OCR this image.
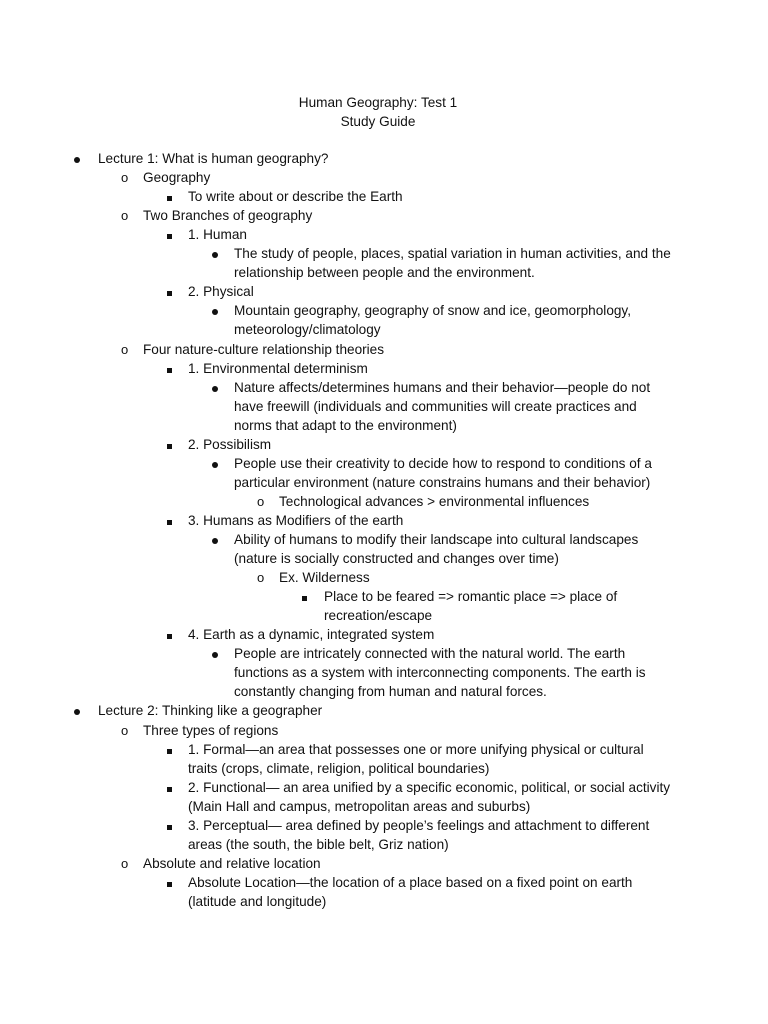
Human Geography: Test 1
Study Guide
Lecture 1: What is human geography?
o Geography
To write about or describe the Earth
o Two Branches of geography
1. Human
The study of people, places, spatial variation in human activities, and the
relationship between people and the environment.
2. Physical
Mountain geography, geography of snow and ice, geomorphology,
meteorology/climatology
o Four nature-culture relationship theories
1. Environmental determinism
Nature affects/determines humans and their behavior—people do not
have freewill (individuals and communities will create practices and
norms that adapt to the environment)
2. Possibilism
People use their creativity to decide how to respond to conditions of a
particular environment (nature constrains humans and their behavior)
o Technological advances > environmental influences
3. Humans as Modifiers of the earth
Ability of humans to modify their landscape into cultural landscapes
(nature is socially constructed and changes over time)
o Ex. Wilderness
Place to be feared => romantic place => place of
recreation/escape
4. Earth as a dynamic, integrated system
People are intricately connected with the natural world. The earth
functions as a system with interconnecting components. The earth is
constantly changing from human and natural forces.
Lecture 2: Thinking like a geographer
o Three types of regions
1. Formal—an area that possesses one or more unifying physical or cultural
traits (crops, climate, religion, political boundaries)
2. Functional— an area unified by a specific economic, political, or social activity
(Main Hall and campus, metropolitan areas and suburbs)
3. Perceptual— area defined by people’s feelings and attachment to different
areas (the south, the bible belt, Griz nation)
o Absolute and relative location
Absolute Location—the location of a place based on a fixed point on earth
(latitude and longitude)
